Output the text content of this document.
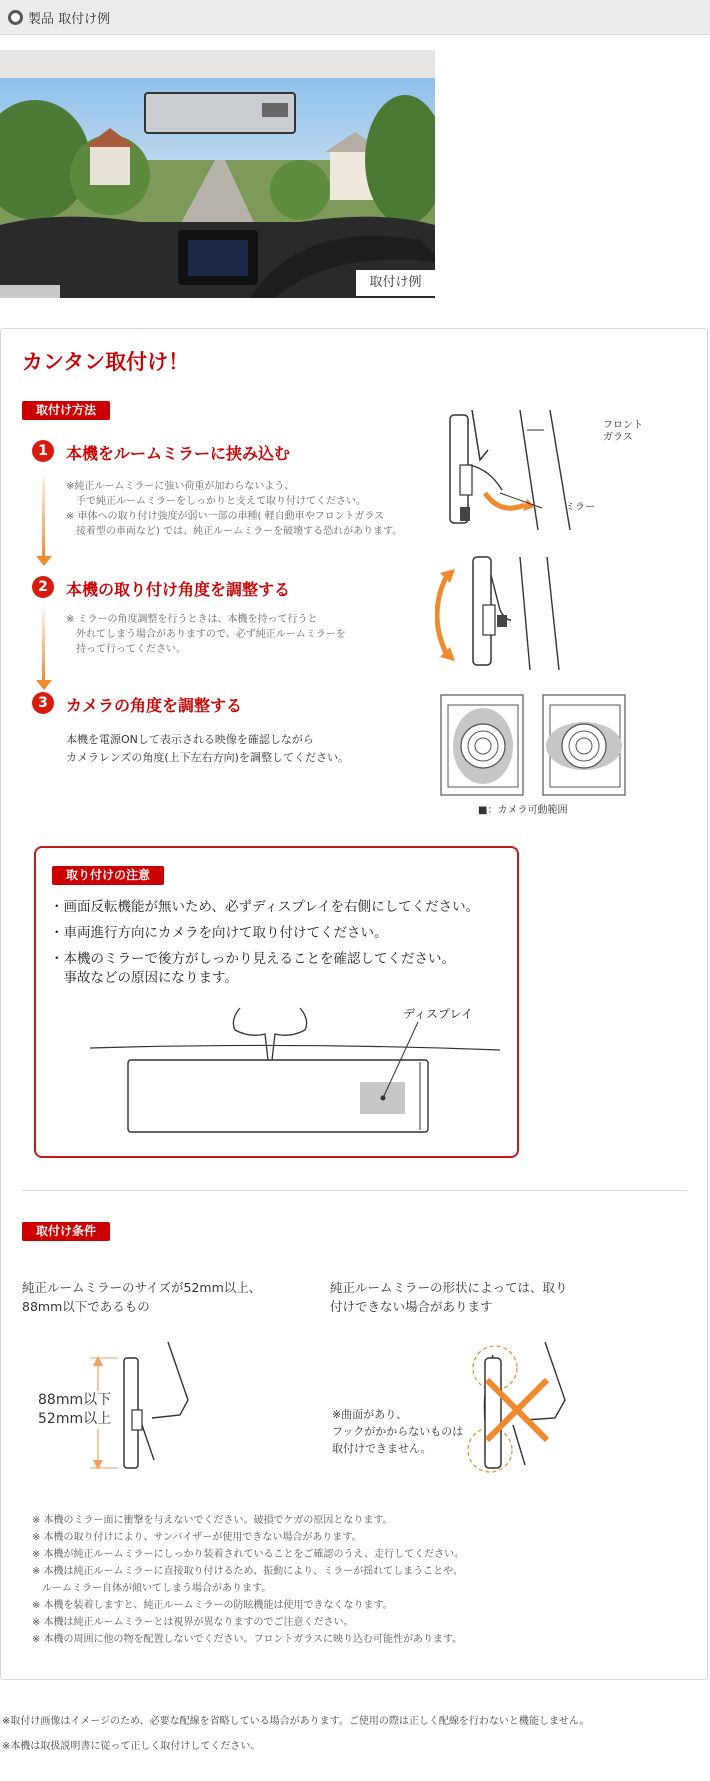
製品 取付け例
取付け例
カンタン取付け！
取付け方法
1	本機をルームミラーに挟み込む
※純正ルームミラーに強い荷重が加わらないよう、
　手で純正ルームミラーをしっかりと支えて取り付けてください。
※ 車体への取り付け強度が弱い一部の車種( 軽自動車やフロントガラス
　接着型の車両など) では、純正ルームミラーを破壊する恐れがあります。
2	本機の取り付け角度を調整する
※ ミラーの角度調整を行うときは、本機を持って行うと
　外れてしまう場合がありますので、必ず純正ルームミラーを
　持って行ってください。
3	カメラの角度を調整する
本機を電源ONして表示される映像を確認しながら
カメラレンズの角度(上下左右方向)を調整してください。
フロント
ガラス
ミラー
■：カメラ可動範囲
取り付けの注意
・画面反転機能が無いため、必ずディスプレイを右側にしてください。
・車両進行方向にカメラを向けて取り付けてください。
・本機のミラーで後方がしっかり見えることを確認してください。
　事故などの原因になります。
ディスプレイ
取付け条件
純正ルームミラーのサイズが52mm以上、
88mm以下であるもの
純正ルームミラーの形状によっては、取り
付けできない場合があります
88mm以下
52mm以上	※曲面があり、
フックがかからないものは
取付けできません。
※ 本機のミラー面に衝撃を与えないでください。破損でケガの原因となります。
※ 本機の取り付けにより、サンバイザーが使用できない場合があります。
※ 本機が純正ルームミラーにしっかり装着されていることをご確認のうえ、走行してください。
※ 本機は純正ルームミラーに直接取り付けるため、振動により、ミラーが揺れてしまうことや、
　ルームミラー自体が傾いてしまう場合があります。
※ 本機を装着しますと、純正ルームミラーの防眩機能は使用できなくなります。
※ 本機は純正ルームミラーとは視界が異なりますのでご注意ください。
※ 本機の周囲に他の物を配置しないでください。フロントガラスに映り込む可能性があります。
※取付け画像はイメージのため、必要な配線を省略している場合があります。ご使用の際は正しく配線を行わないと機能しません。
※本機は取扱説明書に従って正しく取付けしてください。
